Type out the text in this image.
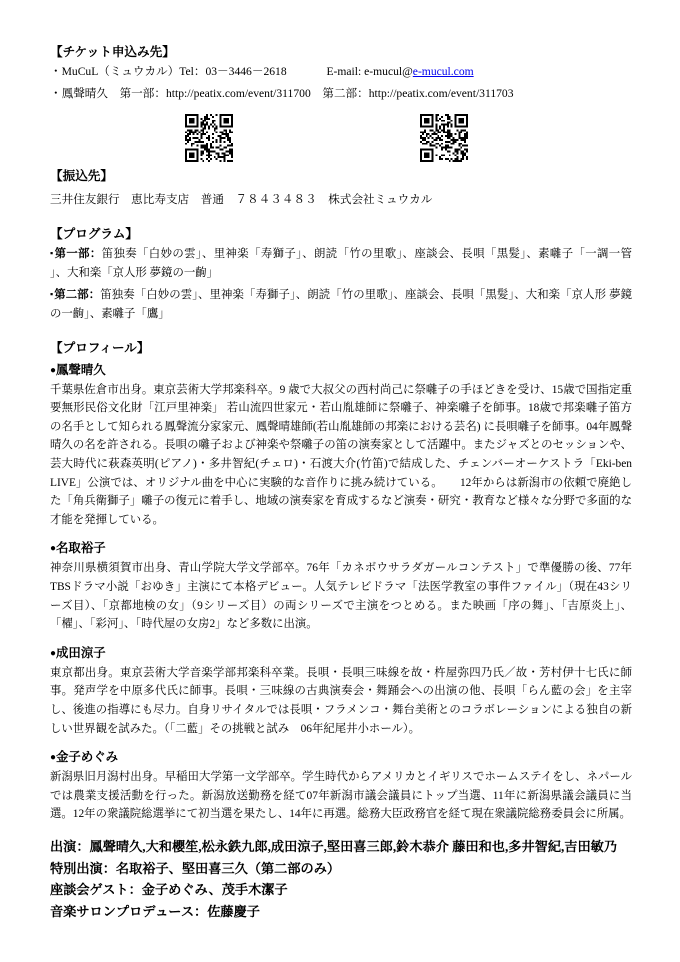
【チケット申込み先】

・MuCuL（ミュウカル）Tel：03－3446－2618	E-mail: e-mucul@e-mucul.com
・鳳聲晴久　第一部：http://peatix.com/event/311700　第二部：http://peatix.com/event/311703

【振込先】

三井住友銀行　恵比寿支店　普通　７８４３４８３　株式会社ミュウカル

【プログラム】

▪第一部：笛独奏「白妙の雲」、里神楽「寿獅子」、朗読「竹の里歌」、座談会、長唄「黒髪」、素囃子「一調一管 」、大和楽「京人形 夢鏡の一齣」
▪第二部：笛独奏「白妙の雲」、里神楽「寿獅子」、朗読「竹の里歌」、座談会、長唄「黒髪」、大和楽「京人形 夢鏡の一齣」、素囃子「鷹」

【プロフィール】

●鳳聲晴久
千葉県佐倉市出身。東京芸術大学邦楽科卒。9 歳で大叔父の西村尚己に祭囃子の手ほどきを受け、15歳で国指定重要無形民俗文化財「江戸里神楽」 若山流四世家元・若山胤雄師に祭囃子、神楽囃子を師事。18歳で邦楽囃子笛方の名手として知られる鳳聲流分家家元、鳳聲晴雄師(若山胤雄師の邦楽における芸名) に長唄囃子を師事。04年鳳聲晴久の名を許される。長唄の囃子および神楽や祭囃子の笛の演奏家として活躍中。またジャズとのセッションや、芸大時代に萩森英明(ピアノ)・多井智紀(チェロ)・石渡大介(竹笛)で結成した、チェンバーオーケストラ「Eki-ben　LIVE」公演では、オリジナル曲を中心に実験的な音作りに挑み続けている。　　12年からは新潟市の依頼で廃絶した「角兵衛獅子」囃子の復元に着手し、地域の演奏家を育成するなど演奏・研究・教育など様々な分野で多面的な才能を発揮している。
●名取裕子
神奈川県横須賀市出身、青山学院大学文学部卒。76年「カネボウサラダガールコンテスト」で準優勝の後、77年TBSドラマ小説「おゆき」主演にて本格デビュー。人気テレビドラマ「法医学教室の事件ファイル」（現在43シリーズ目）、「京都地検の女」（9シリーズ目）の両シリーズで主演をつとめる。また映画「序の舞」、「吉原炎上」、「櫂」、「彩河」、「時代屋の女房2」など多数に出演。
●成田涼子
東京都出身。東京芸術大学音楽学部邦楽科卒業。長唄・長唄三味線を故・杵屋弥四乃氏／故・芳村伊十七氏に師事。発声学を中原多代氏に師事。長唄・三味線の古典演奏会・舞踊会への出演の他、長唄「らん藍の会」を主宰し、後進の指導にも尽力。自身リサイタルでは長唄・フラメンコ・舞台美術とのコラボレーションによる独自の新しい世界観を試みた。（「二藍」その挑戦と試み　06年紀尾井小ホール）。
●金子めぐみ
新潟県旧月潟村出身。早稲田大学第一文学部卒。学生時代からアメリカとイギリスでホームステイをし、ネパールでは農業支援活動を行った。新潟放送勤務を経て07年新潟市議会議員にトップ当選、11年に新潟県議会議員に当選。12年の衆議院総選挙にて初当選を果たし、14年に再選。総務大臣政務官を経て現在衆議院総務委員会に所属。
出演：鳳聲晴久,大和櫻笙,松永鉄九郎,成田涼子,堅田喜三郎,鈴木恭介 藤田和也,多井智紀,吉田敏乃
特別出演：名取裕子、堅田喜三久（第二部のみ）
座談会ゲスト：金子めぐみ、茂手木潔子
音楽サロンプロデュース：佐藤慶子
